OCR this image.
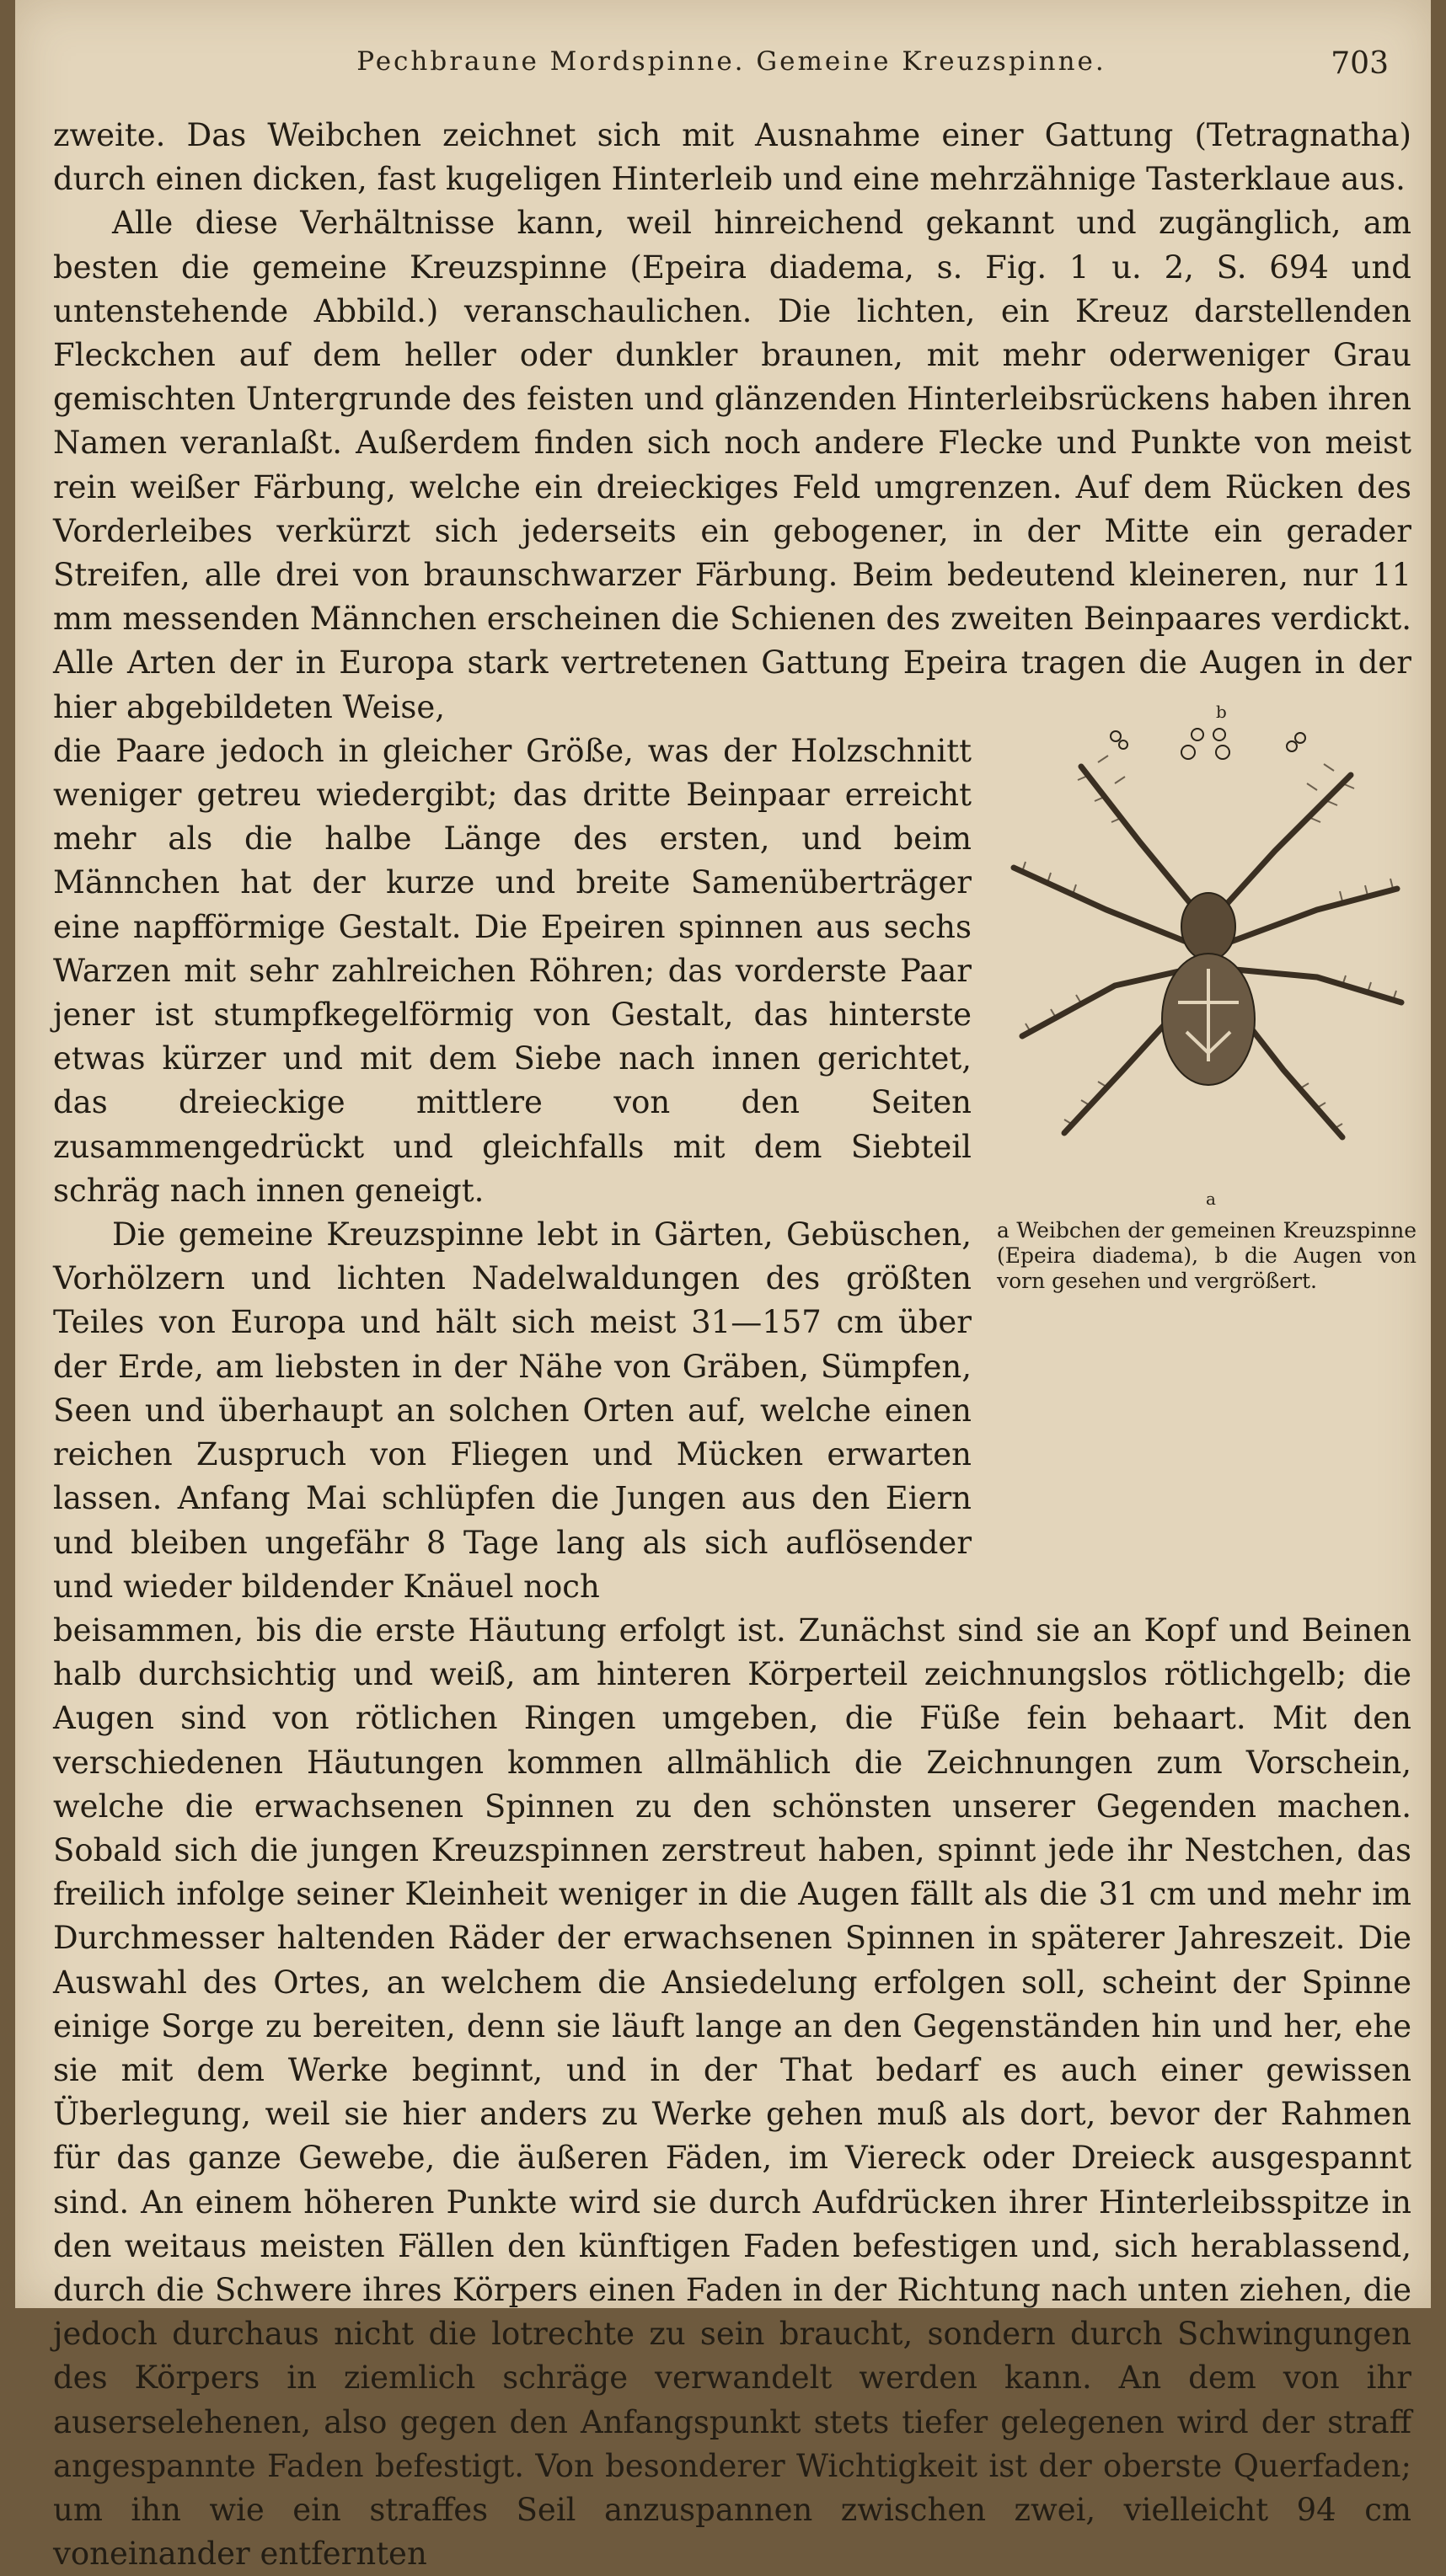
Pechbraune Mordspinne. Gemeine Kreuzspinne.	703

zweite. Das Weibchen zeichnet sich mit Ausnahme einer Gattung (Tetragnatha) durch einen dicken, fast kugeligen Hinterleib und eine mehrzähnige Tasterklaue aus.

Alle diese Verhältnisse kann, weil hinreichend gekannt und zugänglich, am besten die gemeine Kreuzspinne (Epeira diadema, s. Fig. 1 u. 2, S. 694 und untenstehende Abbild.) veranschaulichen. Die lichten, ein Kreuz darstellenden Fleckchen auf dem heller oder dunkler braunen, mit mehr oderweniger Grau gemischten Untergrunde des feisten und glänzenden Hinterleibsrückens haben ihren Namen veranlaßt. Außerdem finden sich noch andere Flecke und Punkte von meist rein weißer Färbung, welche ein dreieckiges Feld umgrenzen. Auf dem Rücken des Vorderleibes verkürzt sich jederseits ein gebogener, in der Mitte ein gerader Streifen, alle drei von braunschwarzer Färbung. Beim bedeutend kleineren, nur 11 mm messenden Männchen erscheinen die Schienen des zweiten Beinpaares verdickt. Alle Arten der in Europa stark vertretenen Gattung Epeira tragen die Augen in der hier abgebildeten Weise,

die Paare jedoch in gleicher Größe, was der Holzschnitt weniger getreu wiedergibt; das dritte Beinpaar erreicht mehr als die halbe Länge des ersten, und beim Männchen hat der kurze und breite Samenüberträger eine napfförmige Gestalt. Die Epeiren spinnen aus sechs Warzen mit sehr zahlreichen Röhren; das vorderste Paar jener ist stumpfkegelförmig von Gestalt, das hinterste etwas kürzer und mit dem Siebe nach innen gerichtet, das dreieckige mittlere von den Seiten zusammengedrückt und gleichfalls mit dem Siebteil schräg nach innen geneigt.

Die gemeine Kreuzspinne lebt in Gärten, Gebüschen, Vorhölzern und lichten Nadelwaldungen des größten Teiles von Europa und hält sich meist 31—157 cm über der Erde, am liebsten in der Nähe von Gräben, Sümpfen, Seen und überhaupt an solchen Orten auf, welche einen reichen Zuspruch von Fliegen und Mücken erwarten lassen. Anfang Mai schlüpfen die Jungen aus den Eiern und bleiben ungefähr 8 Tage lang als sich auflösender und wieder bildender Knäuel noch

beisammen, bis die erste Häutung erfolgt ist. Zunächst sind sie an Kopf und Beinen halb durchsichtig und weiß, am hinteren Körperteil zeichnungslos rötlichgelb; die Augen sind von rötlichen Ringen umgeben, die Füße fein behaart. Mit den verschiedenen Häutungen kommen allmählich die Zeichnungen zum Vorschein, welche die erwachsenen Spinnen zu den schönsten unserer Gegenden machen. Sobald sich die jungen Kreuzspinnen zerstreut haben, spinnt jede ihr Nestchen, das freilich infolge seiner Kleinheit weniger in die Augen fällt als die 31 cm und mehr im Durchmesser haltenden Räder der erwachsenen Spinnen in späterer Jahreszeit. Die Auswahl des Ortes, an welchem die Ansiedelung erfolgen soll, scheint der Spinne einige Sorge zu bereiten, denn sie läuft lange an den Gegenständen hin und her, ehe sie mit dem Werke beginnt, und in der That bedarf es auch einer gewissen Überlegung, weil sie hier anders zu Werke gehen muß als dort, bevor der Rahmen für das ganze Gewebe, die äußeren Fäden, im Viereck oder Dreieck ausgespannt sind. An einem höheren Punkte wird sie durch Aufdrücken ihrer Hinterleibsspitze in den weitaus meisten Fällen den künftigen Faden befestigen und, sich herablassend, durch die Schwere ihres Körpers einen Faden in der Richtung nach unten ziehen, die jedoch durchaus nicht die lotrechte zu sein braucht, sondern durch Schwingungen des Körpers in ziemlich schräge verwandelt werden kann. An dem von ihr auserselehenen, also gegen den Anfangspunkt stets tiefer gelegenen wird der straff angespannte Faden befestigt. Von besonderer Wichtigkeit ist der oberste Querfaden; um ihn wie ein straffes Seil anzuspannen zwischen zwei, vielleicht 94 cm voneinander entfernten

b
a
a Weibchen der gemeinen Kreuzspinne (Epeira diadema), b die Augen von vorn gesehen und vergrößert.
